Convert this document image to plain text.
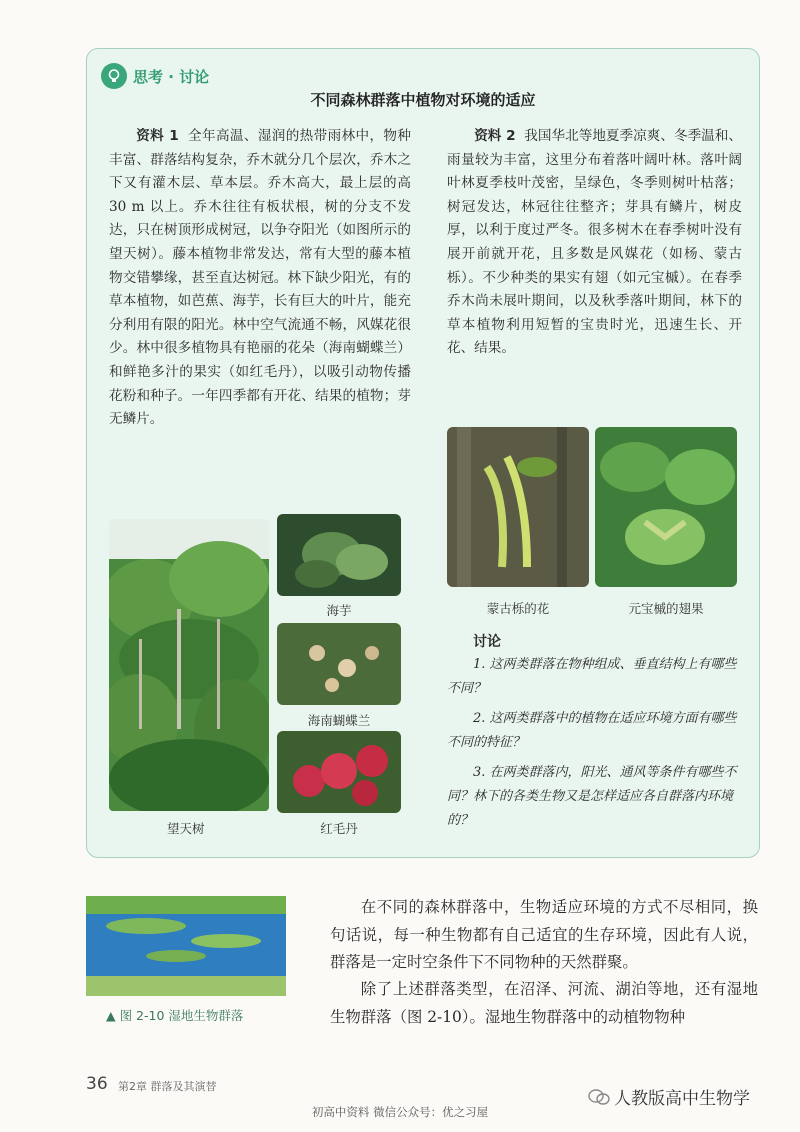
思考 · 讨论
不同森林群落中植物对环境的适应

资料 1 全年高温、湿润的热带雨林中，物种丰富、群落结构复杂，乔木就分几个层次，乔木之下又有灌木层、草本层。乔木高大，最上层的高 30 m 以上。乔木往往有板状根，树的分支不发达，只在树顶形成树冠，以争夺阳光（如图所示的望天树）。藤本植物非常发达，常有大型的藤本植物交错攀缘，甚至直达树冠。林下缺少阳光，有的草本植物，如芭蕉、海芋，长有巨大的叶片，能充分利用有限的阳光。林中空气流通不畅，风媒花很少。林中很多植物具有艳丽的花朵（海南蝴蝶兰）和鲜艳多汁的果实（如红毛丹），以吸引动物传播花粉和种子。一年四季都有开花、结果的植物；芽无鳞片。

资料 2 我国华北等地夏季凉爽、冬季温和、雨量较为丰富，这里分布着落叶阔叶林。落叶阔叶林夏季枝叶茂密，呈绿色，冬季则树叶枯落；树冠发达，林冠往往整齐；芽具有鳞片，树皮厚，以利于度过严冬。很多树木在春季树叶没有展开前就开花，且多数是风媒花（如杨、蒙古栎）。不少种类的果实有翅（如元宝槭）。在春季乔木尚未展叶期间，以及秋季落叶期间，林下的草本植物利用短暂的宝贵时光，迅速生长、开花、结果。

海芋
海南蝴蝶兰
望天树	红毛丹
蒙古栎的花	元宝槭的翅果
讨论

1. 这两类群落在物种组成、垂直结构上有哪些不同？

2. 这两类群落中的植物在适应环境方面有哪些不同的特征？

3. 在两类群落内，阳光、通风等条件有哪些不同？林下的各类生物又是怎样适应各自群落内环境的？

▲ 图 2-10 湿地生物群落

在不同的森林群落中，生物适应环境的方式不尽相同，换句话说，每一种生物都有自己适宜的生存环境，因此有人说，群落是一定时空条件下不同物种的天然群聚。

除了上述群落类型，在沼泽、河流、湖泊等地，还有湿地生物群落（图 2-10）。湿地生物群落中的动植物物种

36 第2章 群落及其演替
人教版高中生物学
初高中资料 微信公众号：优之习屋
